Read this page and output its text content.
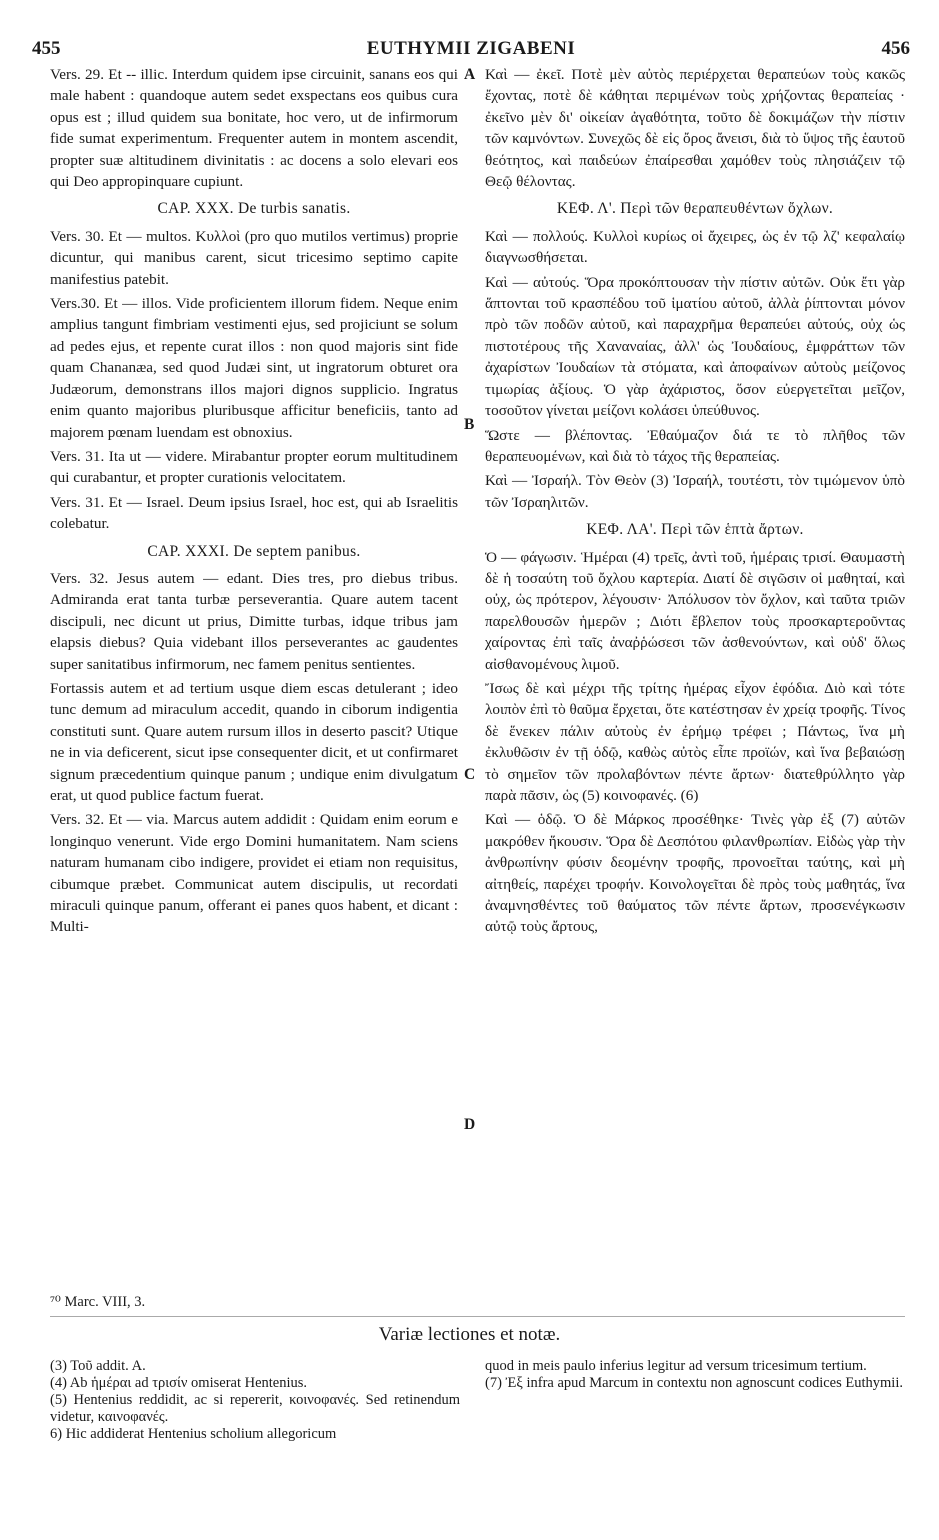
455	EUTHYMII ZIGABENI	456
A
B
C
D

Vers. 29. Et -- illic. Interdum quidem ipse circuinit, sanans eos qui male habent : quandoque autem sedet exspectans eos quibus cura opus est ; illud quidem sua bonitate, hoc vero, ut de infirmorum fide sumat experimentum. Frequenter autem in montem ascendit, propter suæ altitudinem divinitatis : ac docens a solo elevari eos qui Deo appropinquare cupiunt.

CAP. XXX. De turbis sanatis.

Vers. 30. Et — multos. Κυλλοὶ (pro quo mutilos vertimus) proprie dicuntur, qui manibus carent, sicut tricesimo septimo capite manifestius patebit.

Vers.30. Et — illos. Vide proficientem illorum fidem. Neque enim amplius tangunt fimbriam vestimenti ejus, sed projiciunt se solum ad pedes ejus, et repente curat illos : non quod majoris sint fide quam Chananæa, sed quod Judæi sint, ut ingratorum obturet ora Judæorum, demonstrans illos majori dignos supplicio. Ingratus enim quanto majoribus pluribusque afficitur beneficiis, tanto ad majorem pœnam luendam est obnoxius.

Vers. 31. Ita ut — videre. Mirabantur propter eorum multitudinem qui curabantur, et propter curationis velocitatem.

Vers. 31. Et — Israel. Deum ipsius Israel, hoc est, qui ab Israelitis colebatur.

CAP. XXXI. De septem panibus.

Vers. 32. Jesus autem — edant. Dies tres, pro diebus tribus. Admiranda erat tanta turbæ perseverantia. Quare autem tacent discipuli, nec dicunt ut prius, Dimitte turbas, idque tribus jam elapsis diebus? Quia videbant illos perseverantes ac gaudentes super sanitatibus infirmorum, nec famem penitus sentientes.

Fortassis autem et ad tertium usque diem escas detulerant ; ideo tunc demum ad miraculum accedit, quando in ciborum indigentia constituti sunt. Quare autem rursum illos in deserto pascit? Utique ne in via deficerent, sicut ipse consequenter dicit, et ut confirmaret signum præcedentium quinque panum ; undique enim divulgatum erat, ut quod publice factum fuerat.

Vers. 32. Et — via. Marcus autem addidit : Quidam enim eorum e longinquo venerunt. Vide ergo Domini humanitatem. Nam sciens naturam humanam cibo indigere, providet ei etiam non requisitus, cibumque præbet. Communicat autem discipulis, ut recordati miraculi quinque panum, offerant ei panes quos habent, et dicant : Multi-

Καὶ — ἐκεῖ. Ποτὲ μὲν αὐτὸς περιέρχεται θεραπεύων τοὺς κακῶς ἔχοντας, ποτὲ δὲ κάθηται περιμένων τοὺς χρήζοντας θεραπείας · ἐκεῖνο μὲν δι' οἰκείαν ἀγαθότητα, τοῦτο δὲ δοκιμάζων τὴν πίστιν τῶν καμνόντων. Συνεχῶς δὲ εἰς ὄρος ἄνεισι, διὰ τὸ ὕψος τῆς ἑαυτοῦ θεότητος, καὶ παιδεύων ἐπαίρεσθαι χαμόθεν τοὺς πλησιάζειν τῷ Θεῷ θέλοντας.

ΚΕΦ. Λ'. Περὶ τῶν θεραπευθέντων ὄχλων.

Καὶ — πολλούς. Κυλλοὶ κυρίως οἱ ἄχειρες, ὡς ἐν τῷ λζ' κεφαλαίῳ διαγνωσθήσεται.

Καὶ — αὐτούς. Ὅρα προκόπτουσαν τὴν πίστιν αὐτῶν. Οὐκ ἔτι γὰρ ἅπτονται τοῦ κρασπέδου τοῦ ἱματίου αὐτοῦ, ἀλλὰ ῥίπτονται μόνον πρὸ τῶν ποδῶν αὐτοῦ, καὶ παραχρῆμα θεραπεύει αὐτούς, οὐχ ὡς πιστοτέρους τῆς Χαναναίας, ἀλλ' ὡς Ἰουδαίους, ἐμφράττων τῶν ἀχαρίστων Ἰουδαίων τὰ στόματα, καὶ ἀποφαίνων αὐτοὺς μείζονος τιμωρίας ἀξίους. Ὁ γὰρ ἀχάριστος, ὅσον εὐεργετεῖται μεῖζον, τοσοῦτον γίνεται μείζονι κολάσει ὑπεύθυνος.

Ὥστε — βλέποντας. Ἐθαύμαζον διά τε τὸ πλῆθος τῶν θεραπευομένων, καὶ διὰ τὸ τάχος τῆς θεραπείας.

Καὶ — Ἰσραήλ. Τὸν Θεὸν (3) Ἰσραήλ, τουτέστι, τὸν τιμώμενον ὑπὸ τῶν Ἰσραηλιτῶν.

ΚΕΦ. ΛΑ'. Περὶ τῶν ἑπτὰ ἄρτων.

Ὁ — φάγωσιν. Ἡμέραι (4) τρεῖς, ἀντὶ τοῦ, ἡμέραις τρισί. Θαυμαστὴ δὲ ἡ τοσαύτη τοῦ ὄχλου καρτερία. Διατί δὲ σιγῶσιν οἱ μαθηταί, καὶ οὐχ, ὡς πρότερον, λέγουσιν· Ἀπόλυσον τὸν ὄχλον, καὶ ταῦτα τριῶν παρελθουσῶν ἡμερῶν ; Διότι ἔβλεπον τοὺς προσκαρτεροῦντας χαίροντας ἐπὶ ταῖς ἀναῤῥώσεσι τῶν ἀσθενούντων, καὶ οὐδ' ὅλως αἰσθανομένους λιμοῦ.

Ἴσως δὲ καὶ μέχρι τῆς τρίτης ἡμέρας εἶχον ἐφόδια. Διὸ καὶ τότε λοιπὸν ἐπὶ τὸ θαῦμα ἔρχεται, ὅτε κατέστησαν ἐν χρείᾳ τροφῆς. Τίνος δὲ ἕνεκεν πάλιν αὐτοὺς ἐν ἐρήμῳ τρέφει ; Πάντως, ἵνα μὴ ἐκλυθῶσιν ἐν τῇ ὁδῷ, καθὼς αὐτὸς εἶπε προϊών, καὶ ἵνα βεβαιώσῃ τὸ σημεῖον τῶν προλαβόντων πέντε ἄρτων· διατεθρύλλητο γὰρ παρὰ πᾶσιν, ὡς (5) κοινοφανές. (6)

Καὶ — ὁδῷ. Ὁ δὲ Μάρκος προσέθηκε· Τινὲς γὰρ ἐξ (7) αὐτῶν μακρόθεν ἥκουσιν. Ὅρα δὲ Δεσπότου φιλανθρωπίαν. Εἰδὼς γὰρ τὴν ἀνθρωπίνην φύσιν δεομένην τροφῆς, προνοεῖται ταύτης, καὶ μὴ αἰτηθείς, παρέχει τροφήν. Κοινολογεῖται δὲ πρὸς τοὺς μαθητάς, ἵνα ἀναμνησθέντες τοῦ θαύματος τῶν πέντε ἄρτων, προσενέγκωσιν αὐτῷ τοὺς ἄρτους,

⁷⁰ Marc. VIII, 3.
Variæ lectiones et notæ.

(3) Τοῦ addit. A.

(4) Ab ἡμέραι ad τρισίν omiserat Hentenius.

(5) Hentenius reddidit, ac si repererit, κοινοφανές. Sed retinendum videtur, καινοφανές.

6) Hic addiderat Hentenius scholium allegoricum

quod in meis paulo inferius legitur ad versum tricesimum tertium.

(7) Ἐξ infra apud Marcum in contextu non agnoscunt codices Euthymii.
